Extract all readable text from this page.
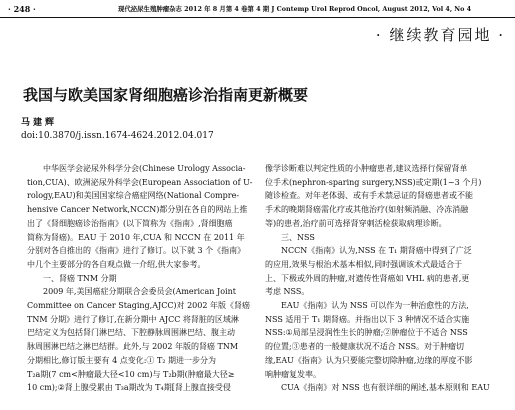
· 248 ·	现代泌尿生殖肿瘤杂志 2012 年 8 月第 4 卷第 4 期 J Contemp Urol Reprod Oncol, August 2012, Vol 4, No 4
· 继续教育园地 ·
我国与欧美国家肾细胞癌诊治指南更新概要
马建辉
doi:10.3870/j.issn.1674-4624.2012.04.017

中华医学会泌尿外科学分会(Chinese Urology Associa-

tion,CUA)、欧洲泌尿外科学会(European Association of U-

rology,EAU)和美国国家综合癌症网络(National Compre-

hensive Cancer Network,NCCN)都分别在各自的网站上推

出了《肾细胞癌诊治指南》(以下简称为《指南》,肾细胞癌

简称为肾癌)。EAU 于 2010 年,CUA 和 NCCN 在 2011 年

分别对各自推出的《指南》进行了修订。以下就 3 个《指南》

中几个主要部分的各自观点做一介绍,供大家参考。

一、肾癌 TNM 分期

2009 年,美国癌症分期联合会委员会(American Joint

Committee on Cancer Staging,AJCC)对 2002 年版《肾癌

TNM 分期》进行了修订,在新分期中 AJCC 将肾脏的区域淋

巴结定义为包括肾门淋巴结、下腔静脉周围淋巴结、腹主动

脉周围淋巴结之淋巴结群。此外,与 2002 年版的肾癌 TNM

分期相比,修订版主要有 4 点变化:① T₂ 期进一步分为

T₂a期(7 cm<肿瘤最大径<10 cm)与 T₂b期(肿瘤最大径≥

10 cm);②肾上腺受累由 T₃a期改为 T₄期[肾上腺直接受侵

像学诊断难以判定性质的小肿瘤患者,建议选择行保留肾单

位手术(nephron-sparing surgery,NSS)或定期(1~3 个月)

随诊检查。对年老体弱、或有手术禁忌证的肾癌患者或不能

手术的晚期肾癌需化疗或其他治疗(如射频消融、冷冻消融

等)的患者,治疗前可选择肾穿刺活检获取病理诊断。

三、NSS

NCCN《指南》认为,NSS 在 T₁ 期肾癌中得到了广泛

的应用,效果与根治术基本相似,同时强调该术式最适合于

上、下极或外周的肿瘤,对遗传性肾癌如 VHL 病的患者,更

考虑 NSS。

EAU《指南》认为 NSS 可以作为一种治愈性的方法,

NSS 适用于 T₁ 期肾癌。并指出以下 3 种情况不适合实施

NSS:①局部呈浸润性生长的肿瘤;②肿瘤位于不适合 NSS

的位置;③患者的一般健康状况不适合 NSS。对于肿瘤切

缘,EAU《指南》认为只要能完整切除肿瘤,边缘的厚度不影

响肿瘤复发率。

CUA《指南》对 NSS 也有很详细的阐述,基本原则和 EAU
